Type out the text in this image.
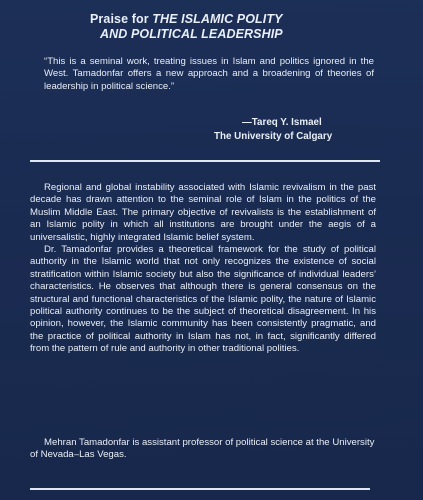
Praise for THE ISLAMIC POLITY
AND POLITICAL LEADERSHIP
“This is a seminal work, treating issues in Islam and politics ignored in the West. Tamadonfar offers a new approach and a broadening of theories of leadership in political science.”
—Tareq Y. Ismael
The University of Calgary

Regional and global instability associated with Islamic revivalism in the past decade has drawn attention to the seminal role of Islam in the politics of the Muslim Middle East. The primary objective of revivalists is the establishment of an Islamic polity in which all institutions are brought under the aegis of a universalistic, highly integrated Islamic belief system.

Dr. Tamadonfar provides a theoretical framework for the study of political authority in the Islamic world that not only recognizes the existence of social stratification within Islamic society but also the significance of individual leaders’ characteristics. He observes that although there is general consensus on the structural and functional characteristics of the Islamic polity, the nature of Islamic political authority continues to be the subject of theoretical disagreement. In his opinion, however, the Islamic community has been consistently pragmatic, and the practice of political authority in Islam has not, in fact, significantly differed from the pattern of rule and authority in other traditional polities.

Mehran Tamadonfar is assistant professor of political science at the University of Nevada–Las Vegas.
